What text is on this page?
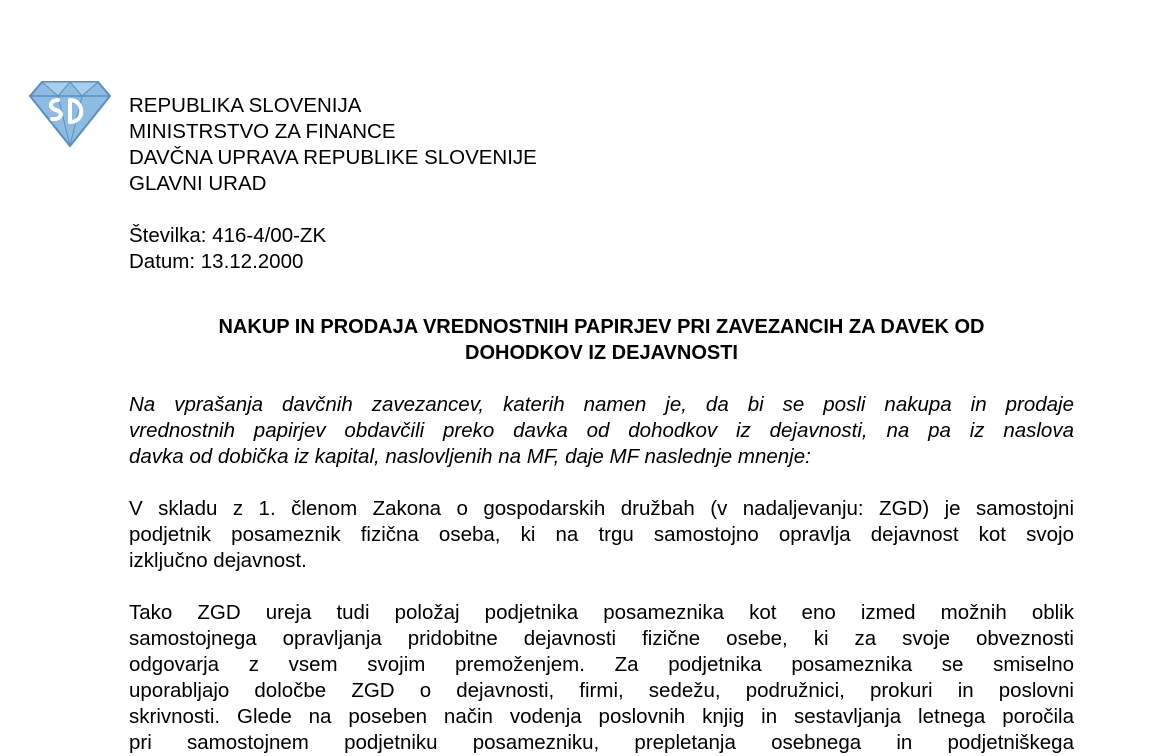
REPUBLIKA SLOVENIJA
MINISTRSTVO ZA FINANCE
DAVČNA UPRAVA REPUBLIKE SLOVENIJE
GLAVNI URAD
Številka: 416-4/00-ZK
Datum: 13.12.2000
NAKUP IN PRODAJA VREDNOSTNIH PAPIRJEV PRI ZAVEZANCIH ZA DAVEK OD
DOHODKOV IZ DEJAVNOSTI
Na vprašanja davčnih zavezancev, katerih namen je, da bi se posli nakupa in prodaje
vrednostnih papirjev obdavčili preko davka od dohodkov iz dejavnosti, na pa iz naslova
davka od dobička iz kapital, naslovljenih na MF, daje MF naslednje mnenje:
V skladu z 1. členom Zakona o gospodarskih družbah (v nadaljevanju: ZGD) je samostojni
podjetnik posameznik fizična oseba, ki na trgu samostojno opravlja dejavnost kot svojo
izključno dejavnost.
Tako ZGD ureja tudi položaj podjetnika posameznika kot eno izmed možnih oblik
samostojnega opravljanja pridobitne dejavnosti fizične osebe, ki za svoje obveznosti
odgovarja z vsem svojim premoženjem. Za podjetnika posameznika se smiselno
uporabljajo določbe ZGD o dejavnosti, firmi, sedežu, podružnici, prokuri in poslovni
skrivnosti. Glede na poseben način vodenja poslovnih knjig in sestavljanja letnega poročila
pri samostojnem podjetniku posamezniku, prepletanja osebnega in podjetniškega
